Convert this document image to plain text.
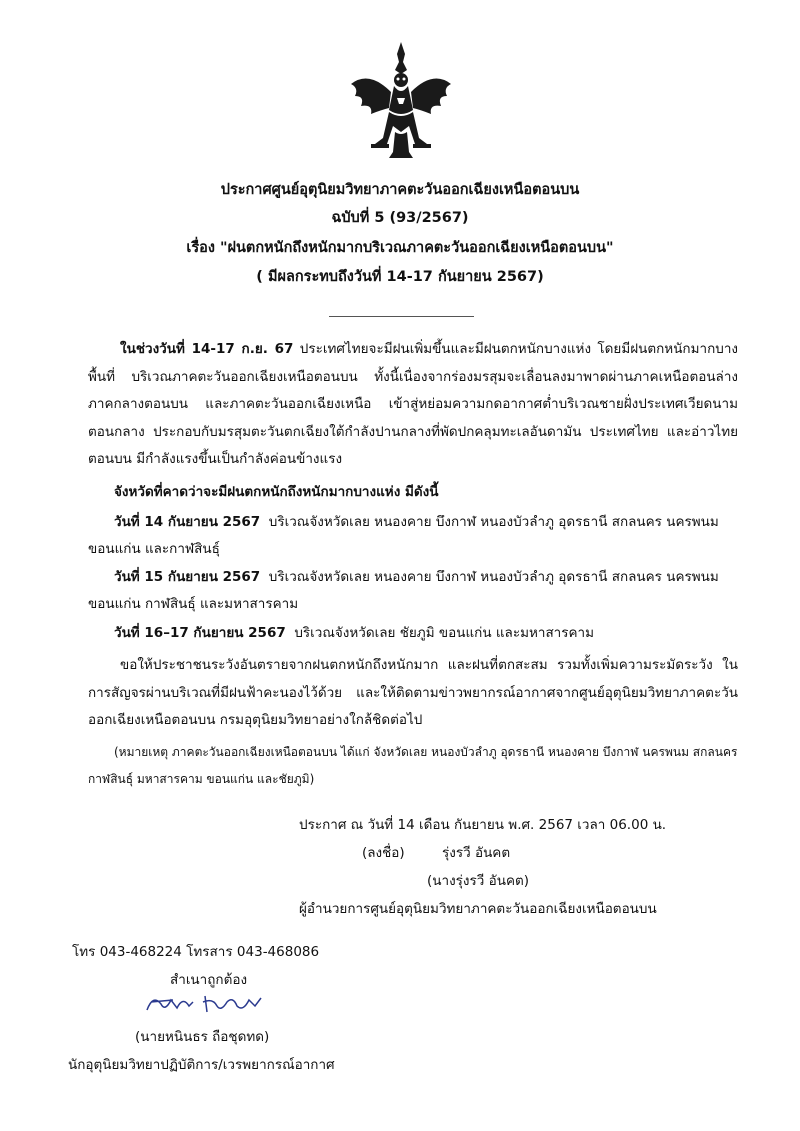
ประกาศศูนย์อุตุนิยมวิทยาภาคตะวันออกเฉียงเหนือตอนบน
ฉบับที่ 5 (93/2567)
เรื่อง "ฝนตกหนักถึงหนักมากบริเวณภาคตะวันออกเฉียงเหนือตอนบน"
( มีผลกระทบถึงวันที่ 14-17 กันยายน 2567)
ในช่วงวันที่ 14-17 ก.ย. 67 ประเทศไทยจะมีฝนเพิ่มขึ้นและมีฝนตกหนักบางแห่ง โดยมีฝนตกหนักมากบางพื้นที่ บริเวณภาคตะวันออกเฉียงเหนือตอนบน ทั้งนี้เนื่องจากร่องมรสุมจะเลื่อนลงมาพาดผ่านภาคเหนือตอนล่าง ภาคกลางตอนบน และภาคตะวันออกเฉียงเหนือ เข้าสู่หย่อมความกดอากาศต่ำบริเวณชายฝั่งประเทศเวียดนามตอนกลาง ประกอบกับมรสุมตะวันตกเฉียงใต้กำลังปานกลางที่พัดปกคลุมทะเลอันดามัน ประเทศไทย และอ่าวไทยตอนบน มีกำลังแรงขึ้นเป็นกำลังค่อนข้างแรง
จังหวัดที่คาดว่าจะมีฝนตกหนักถึงหนักมากบางแห่ง มีดังนี้
วันที่ 14 กันยายน 2567 บริเวณจังหวัดเลย หนองคาย บึงกาฬ หนองบัวลำภู อุดรธานี สกลนคร นครพนม
ขอนแก่น และกาฬสินธุ์
วันที่ 15 กันยายน 2567 บริเวณจังหวัดเลย หนองคาย บึงกาฬ หนองบัวลำภู อุดรธานี สกลนคร นครพนม
ขอนแก่น กาฬสินธุ์ และมหาสารคาม
วันที่ 16–17 กันยายน 2567 บริเวณจังหวัดเลย ชัยภูมิ ขอนแก่น และมหาสารคาม
ขอให้ประชาชนระวังอันตรายจากฝนตกหนักถึงหนักมาก และฝนที่ตกสะสม รวมทั้งเพิ่มความระมัดระวัง ในการสัญจรผ่านบริเวณที่มีฝนฟ้าคะนองไว้ด้วย และให้ติดตามข่าวพยากรณ์อากาศจากศูนย์อุตุนิยมวิทยาภาคตะวันออกเฉียงเหนือตอนบน กรมอุตุนิยมวิทยาอย่างใกล้ชิดต่อไป
(หมายเหตุ ภาคตะวันออกเฉียงเหนือตอนบน ได้แก่ จังหวัดเลย หนองบัวลำภู อุดรธานี หนองคาย บึงกาฬ นครพนม สกลนคร
กาฬสินธุ์ มหาสารคาม ขอนแก่น และชัยภูมิ)
ประกาศ ณ วันที่ 14 เดือน กันยายน พ.ศ. 2567 เวลา 06.00 น.
(ลงชื่อ)	รุ่งรวี อันคต
(นางรุ่งรวี อันคต)
ผู้อำนวยการศูนย์อุตุนิยมวิทยาภาคตะวันออกเฉียงเหนือตอนบน
โทร 043-468224 โทรสาร 043-468086
สำเนาถูกต้อง
(นายหนินธร ถือชุดทด)
นักอุตุนิยมวิทยาปฏิบัติการ/เวรพยากรณ์อากาศ
